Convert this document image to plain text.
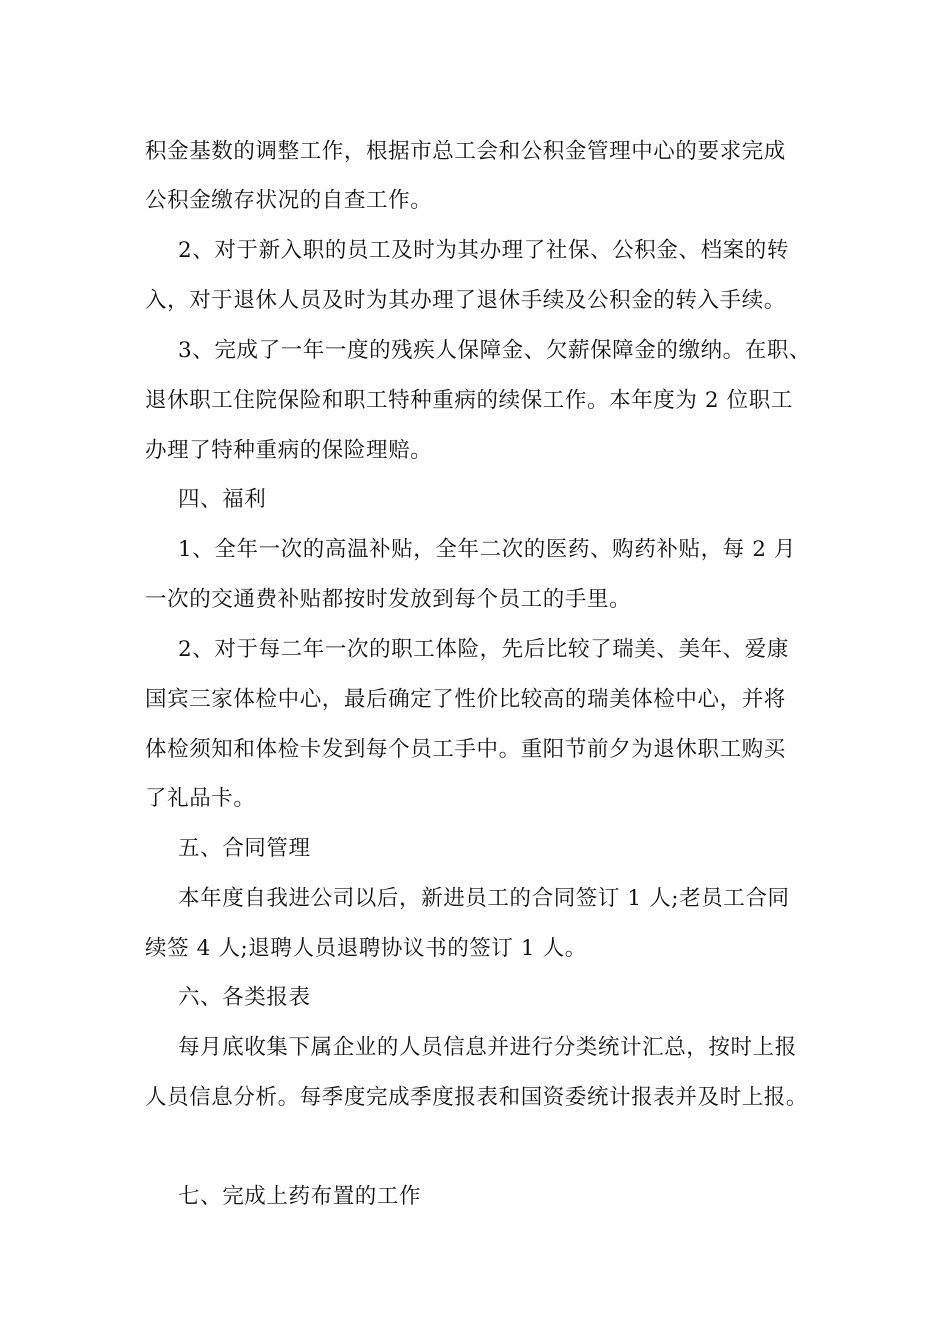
积金基数的调整工作，根据市总工会和公积金管理中心的要求完成
公积金缴存状况的自查工作。
2、对于新入职的员工及时为其办理了社保、公积金、档案的转
入，对于退休人员及时为其办理了退休手续及公积金的转入手续。
3、完成了一年一度的残疾人保障金、欠薪保障金的缴纳。在职、
退休职工住院保险和职工特种重病的续保工作。本年度为 2 位职工
办理了特种重病的保险理赔。
四、福利
1、全年一次的高温补贴，全年二次的医药、购药补贴，每 2 月
一次的交通费补贴都按时发放到每个员工的手里。
2、对于每二年一次的职工体险，先后比较了瑞美、美年、爱康
国宾三家体检中心，最后确定了性价比较高的瑞美体检中心，并将
体检须知和体检卡发到每个员工手中。重阳节前夕为退休职工购买
了礼品卡。
五、合同管理
本年度自我进公司以后，新进员工的合同签订 1 人;老员工合同
续签 4 人;退聘人员退聘协议书的签订 1 人。
六、各类报表
每月底收集下属企业的人员信息并进行分类统计汇总，按时上报
人员信息分析。每季度完成季度报表和国资委统计报表并及时上报。
七、完成上药布置的工作
